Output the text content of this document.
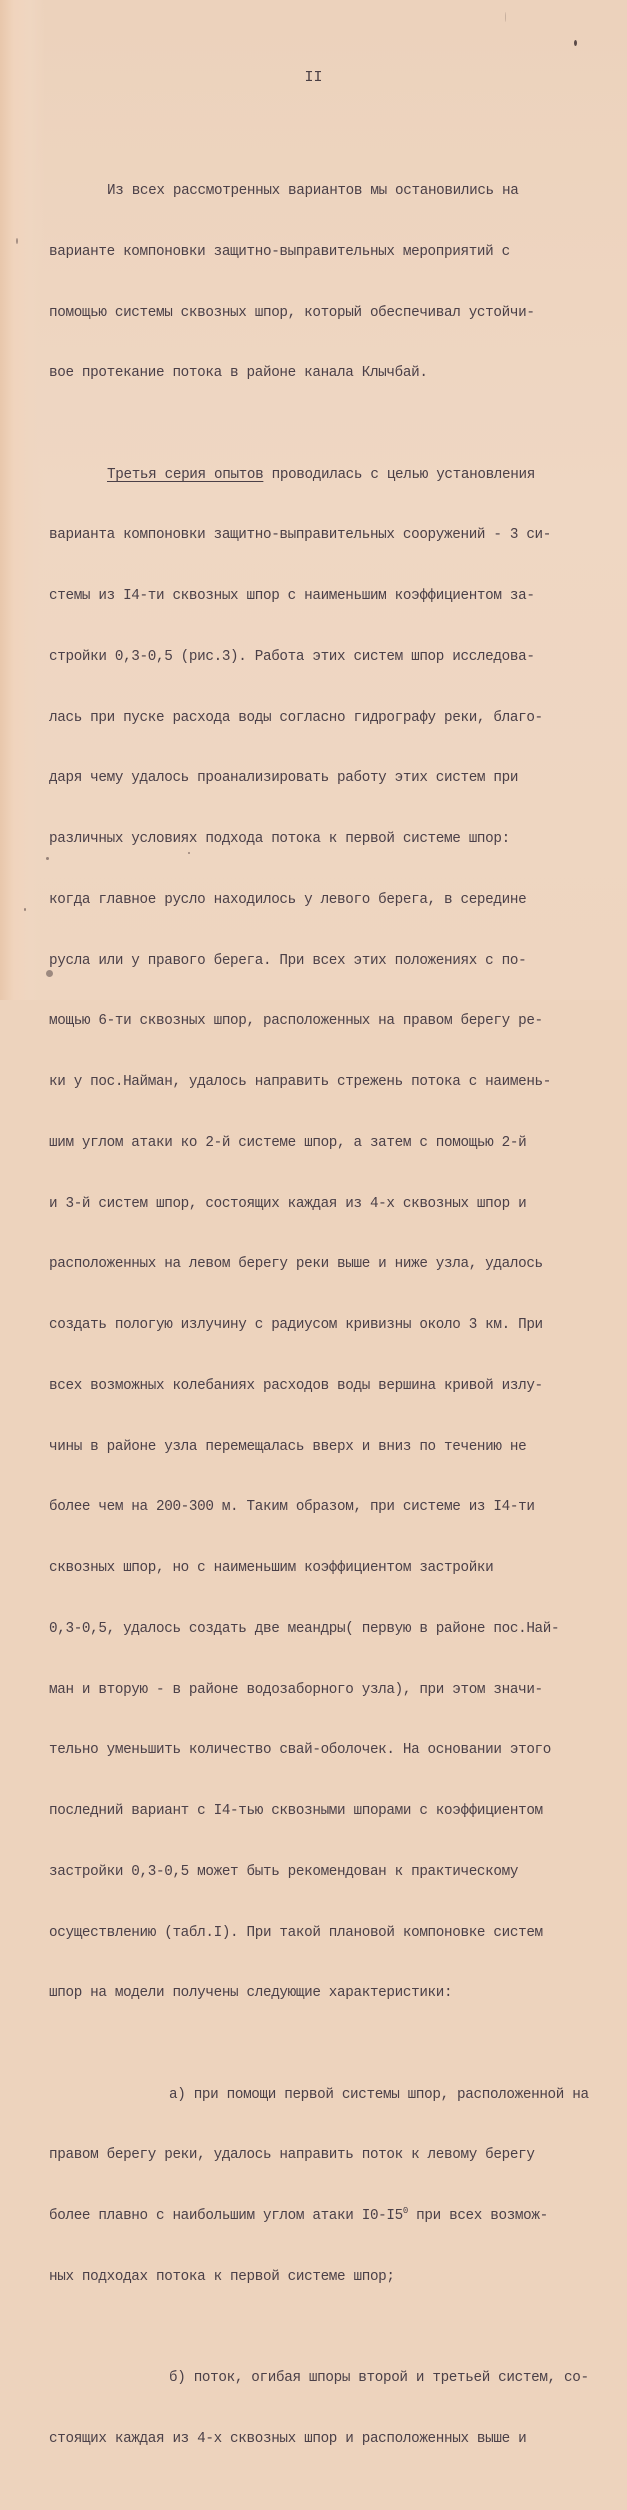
II

Из всех рассмотренных вариантов мы остановились на

варианте компоновки защитно-выправительных мероприятий с

помощью системы сквозных шпор, который обеспечивал устойчи-

вое протекание потока в районе канала Клычбай.

Третья серия опытов проводилась с целью установления

варианта компоновки защитно-выправительных сооружений - 3 си-

стемы из I4-ти сквозных шпор с наименьшим коэффициентом за-

стройки 0,3-0,5 (рис.3). Работа этих систем шпор исследова-

лась при пуске расхода воды согласно гидрографу реки, благо-

даря чему удалось проанализировать работу этих систем при

различных условиях подхода потока к первой системе шпор:

когда главное русло находилось у левого берега, в середине

русла или у правого берега. При всех этих положениях с по-

мощью 6-ти сквозных шпор, расположенных на правом берегу ре-

ки у пос.Найман, удалось направить стрежень потока с наимень-

шим углом атаки ко 2-й системе шпор, а затем с помощью 2-й

и 3-й систем шпор, состоящих каждая из 4-х сквозных шпор и

расположенных на левом берегу реки выше и ниже узла, удалось

создать пологую излучину с радиусом кривизны около 3 км. При

всех возможных колебаниях расходов воды вершина кривой излу-

чины в районе узла перемещалась вверх и вниз по течению не

более чем на 200-300 м. Таким образом, при системе из I4-ти

сквозных шпор, но с наименьшим коэффициентом застройки

0,3-0,5, удалось создать две меандры( первую в районе пос.Най-

ман и вторую - в районе водозаборного узла), при этом значи-

тельно уменьшить количество свай-оболочек. На основании этого

последний вариант с I4-тью сквозными шпорами с коэффициентом

застройки 0,3-0,5 может быть рекомендован к практическому

осуществлению (табл.I). При такой плановой компоновке систем

шпор на модели получены следующие характеристики:

а) при помощи первой системы шпор, расположенной на

правом берегу реки, удалось направить поток к левому берегу

более плавно с наибольшим углом атаки $I0-I5^0$ при всех возмож-

ных подходах потока к первой системе шпор;

б) поток, огибая шпоры второй и третьей систем, со-

стоящих каждая из 4-х сквозных шпор и расположенных выше и
